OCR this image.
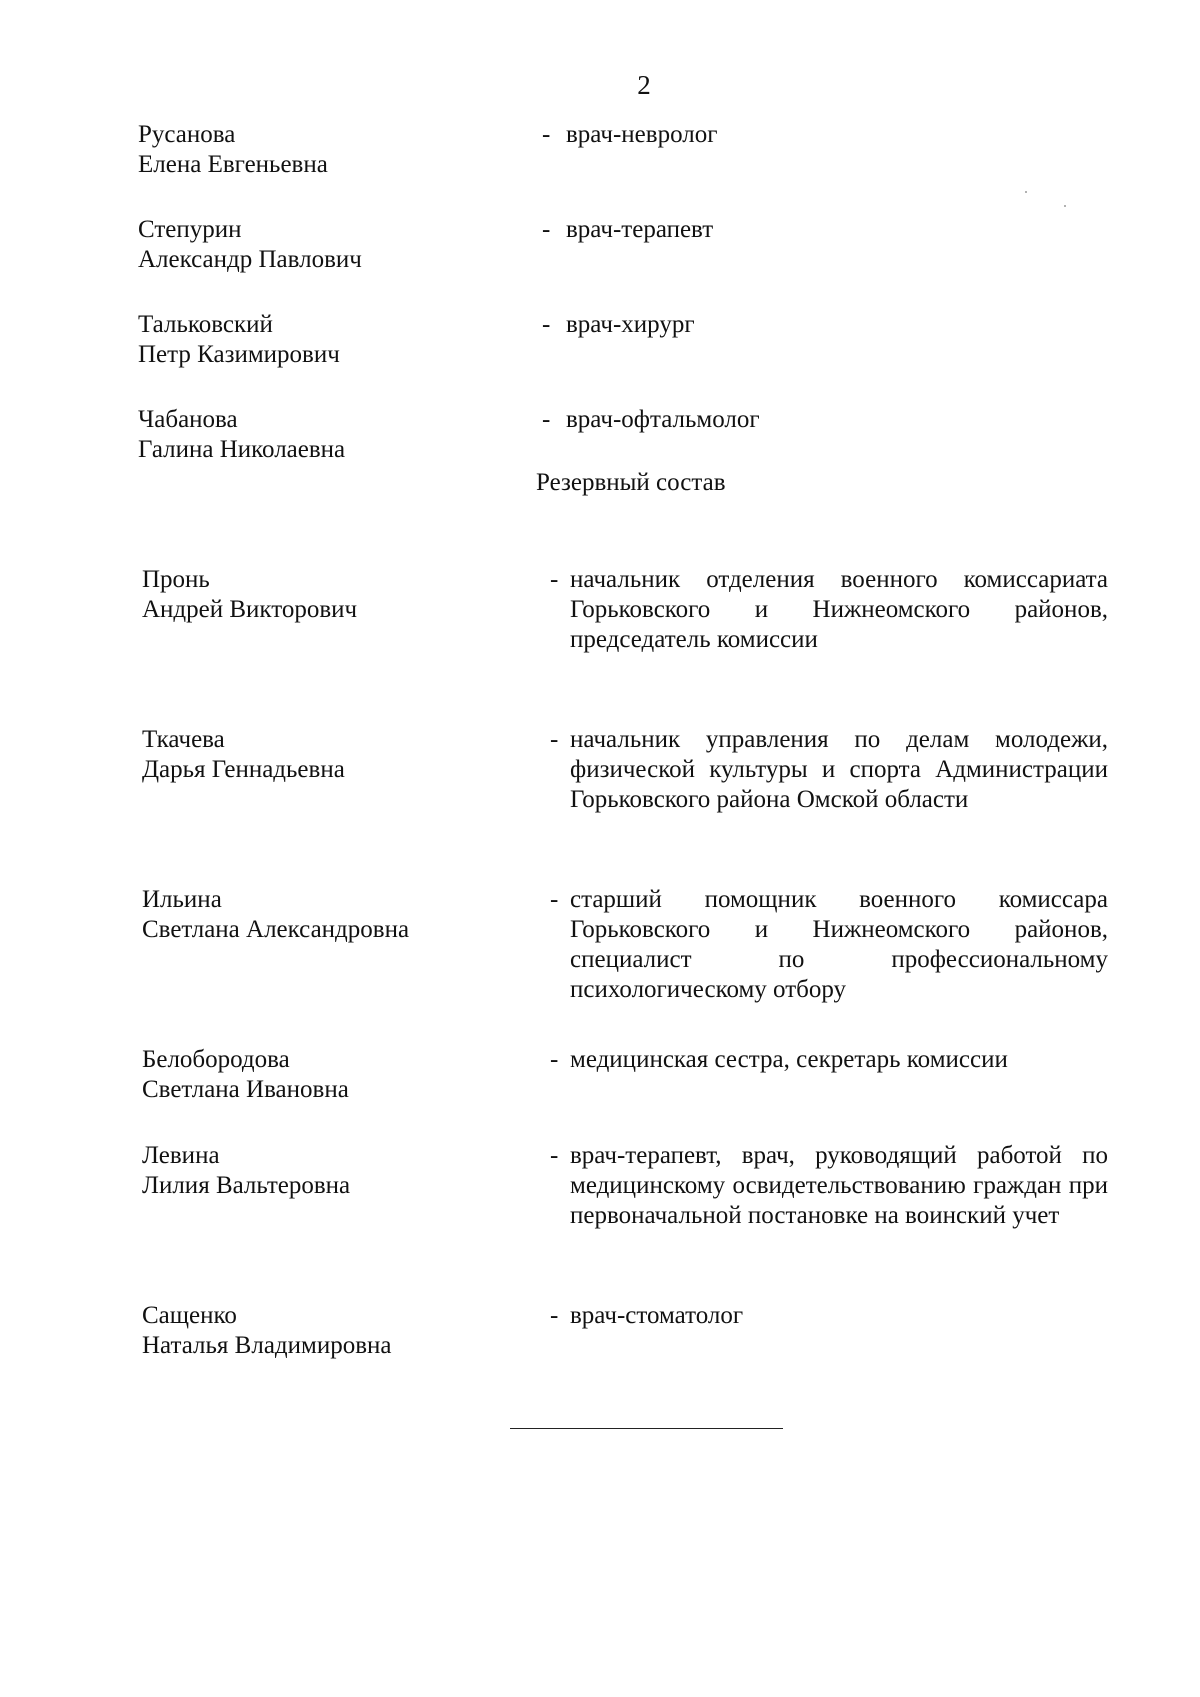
2
Русанова
Елена Евгеньевна
- врач-невролог
Степурин
Александр Павлович
- врач-терапевт
Тальковский
Петр Казимирович
- врач-хирург
Чабанова
Галина Николаевна
- врач-офтальмолог
Резервный состав
Пронь
Андрей Викторович
- начальник отделения военного комиссариата Горьковского и Нижнеомского районов, председатель комиссии
Ткачева
Дарья Геннадьевна
- начальник управления по делам молодежи, физической культуры и спорта Администрации Горьковского района Омской области
Ильина
Светлана Александровна
- старший помощник военного комиссара Горьковского и Нижнеомского районов, специалист по профессиональному психологическому отбору
Белобородова
Светлана Ивановна
- медицинская сестра, секретарь комиссии
Левина
Лилия Вальтеровна
- врач-терапевт, врач, руководящий работой по медицинскому освидетельствованию граждан при первоначальной постановке на воинский учет
Сащенко
Наталья Владимировна
- врач-стоматолог
